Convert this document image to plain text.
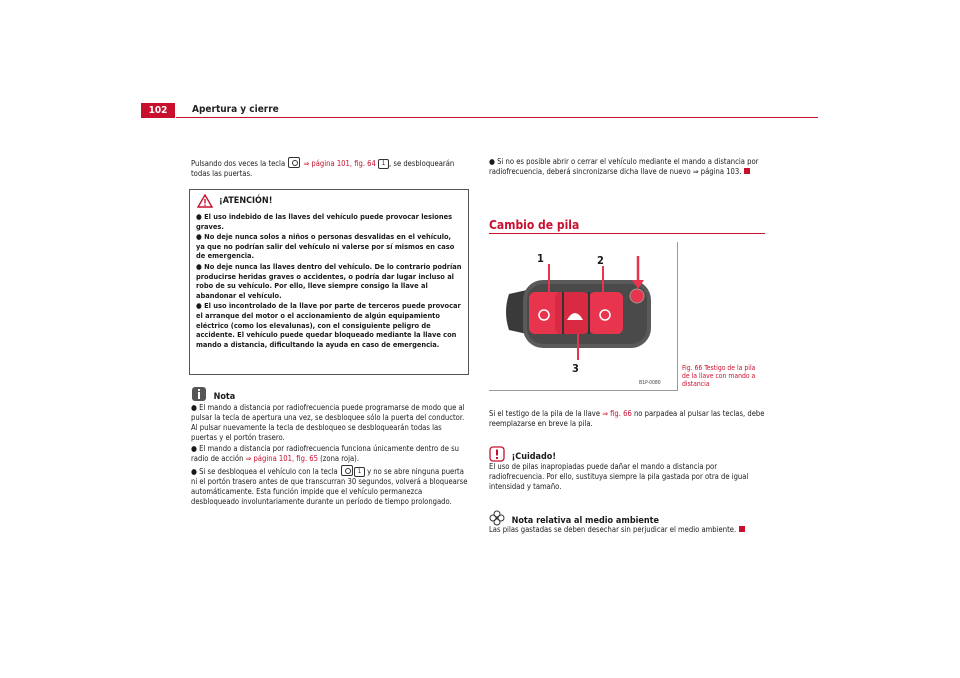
102	Apertura y cierre
Pulsando dos veces la tecla ⇒ página 101, fig. 64 1 , se desbloquearán
todas las puertas.
¡ATENCIÓN!

● El uso indebido de las llaves del vehículo puede provocar lesiones graves.

● No deje nunca solos a niños o personas desvalidas en el vehículo, ya que no podrían salir del vehículo ni valerse por sí mismos en caso de emergencia.

● No deje nunca las llaves dentro del vehículo. De lo contrario podrían producirse heridas graves o accidentes, o podría dar lugar incluso al robo de su vehículo. Por ello, lleve siempre consigo la llave al abandonar el vehículo.

● El uso incontrolado de la llave por parte de terceros puede provocar el arranque del motor o el accionamiento de algún equipamiento eléctrico (como los elevalunas), con el consiguiente peligro de accidente. El vehículo puede quedar bloqueado mediante la llave con mando a distancia, dificultando la ayuda en caso de emergencia.

Nota

● El mando a distancia por radiofrecuencia puede programarse de modo que al pulsar la tecla de apertura una vez, se desbloquee sólo la puerta del conductor. Al pulsar nuevamente la tecla de desbloqueo se desbloquearán todas las puertas y el portón trasero.

● El mando a distancia por radiofrecuencia funciona únicamente dentro de su radio de acción ⇒ página 101, fig. 65 (zona roja).

● Si se desbloquea el vehículo con la tecla	1 y no se abre ninguna puerta ni el portón trasero antes de que transcurran 30 segundos, volverá a bloquearse automáticamente. Esta función impide que el vehículo permanezca desbloqueado involuntariamente durante un período de tiempo prolongado.

● Si no es posible abrir o cerrar el vehículo mediante el mando a distancia por radiofrecuencia, deberá sincronizarse dicha llave de nuevo ⇒ página 103.

Cambio de pila
1	2
3
B1P-0080
Fig. 66 Testigo de la pila de la llave con mando a distancia
Si el testigo de la pila de la llave ⇒ fig. 66 no parpadea al pulsar las teclas, debe reemplazarse en breve la pila.
¡Cuidado!
El uso de pilas inapropiadas puede dañar el mando a distancia por radiofrecuencia. Por ello, sustituya siempre la pila gastada por otra de igual intensidad y tamaño.
Nota relativa al medio ambiente
Las pilas gastadas se deben desechar sin perjudicar el medio ambiente.
